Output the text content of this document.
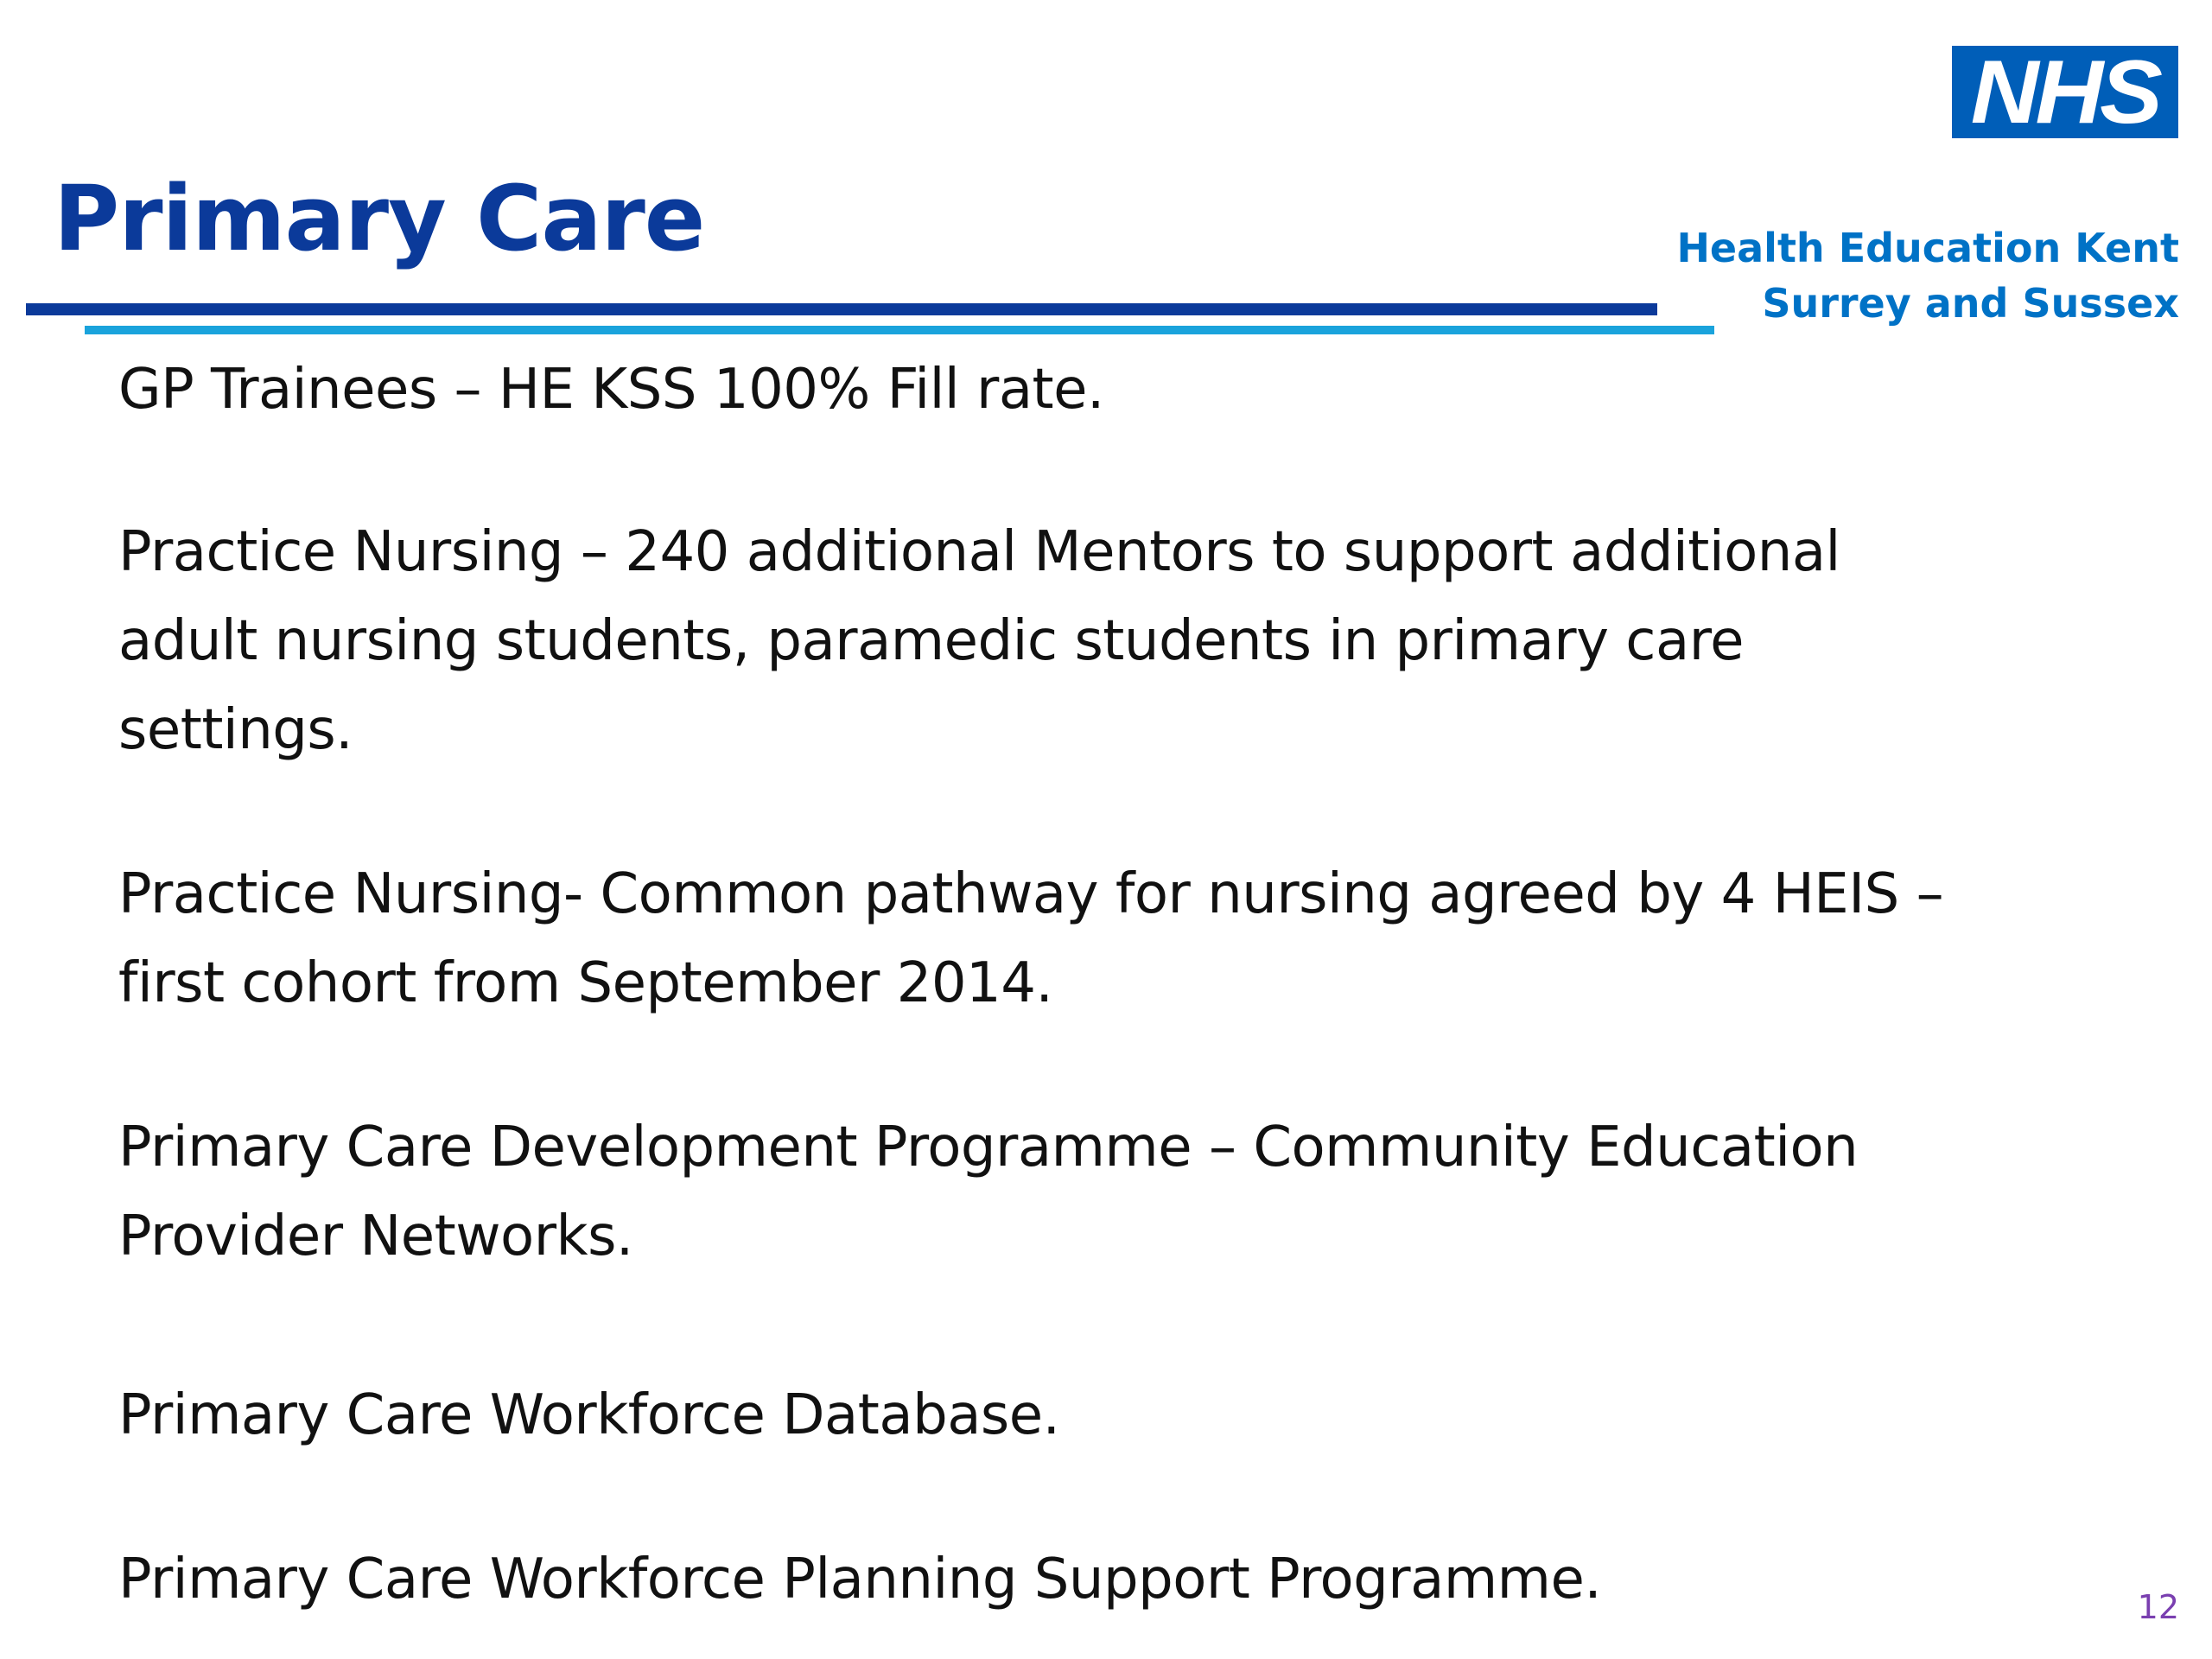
NHS
Health Education Kent
Surrey and Sussex
Primary Care

GP Trainees – HE KSS 100% Fill rate.

Practice Nursing – 240 additional Mentors to support additional
adult nursing students, paramedic students in primary care
settings.

Practice Nursing- Common pathway for nursing agreed by 4 HEIS –
first cohort from September 2014.

Primary Care Development Programme – Community Education
Provider Networks.

Primary Care Workforce Database.

Primary Care Workforce Planning Support Programme.	12
